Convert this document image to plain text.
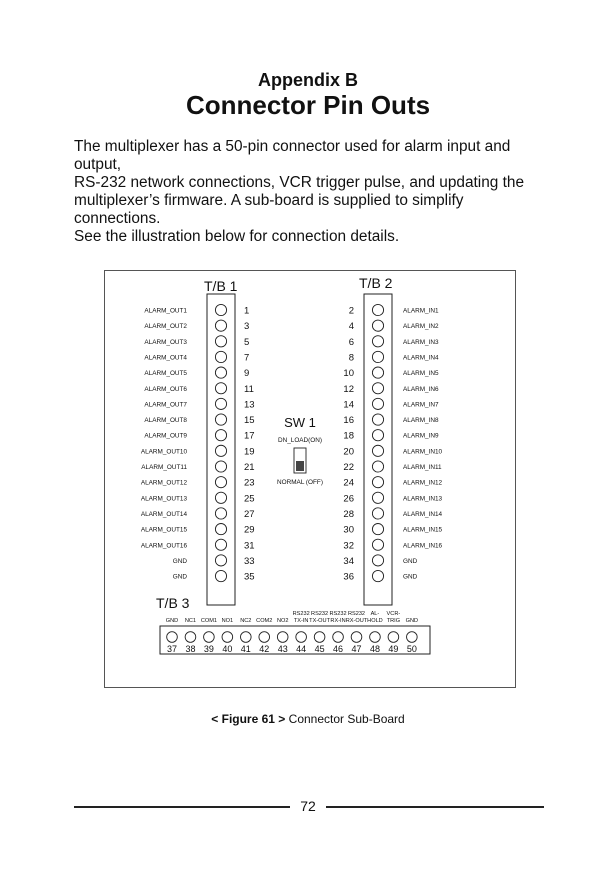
Appendix B
Connector Pin Outs

The multiplexer has a 50-pin connector used for alarm input and output,

RS-232 network connections, VCR trigger pulse, and updating the

multiplexer’s firmware. A sub-board is supplied to simplify connections.

See the illustration below for connection details.

T/B 1
ALARM_OUT1	1
ALARM_OUT2	3
ALARM_OUT3	5
ALARM_OUT4	7
ALARM_OUT5	9
ALARM_OUT6	11
ALARM_OUT7	13
ALARM_OUT8	15
ALARM_OUT9	17
ALARM_OUT10	19
ALARM_OUT11	21
ALARM_OUT12	23
ALARM_OUT13	25
ALARM_OUT14	27
ALARM_OUT15	29
ALARM_OUT16	31
GND	33
GND	35
T/B 2
2	ALARM_IN1
4	ALARM_IN2
6	ALARM_IN3
8	ALARM_IN4
10	ALARM_IN5
12	ALARM_IN6
14	ALARM_IN7
16	ALARM_IN8
18	ALARM_IN9
20	ALARM_IN10
22	ALARM_IN11
24	ALARM_IN12
26	ALARM_IN13
28	ALARM_IN14
30	ALARM_IN15
32	ALARM_IN16
34	GND
36	GND
SW 1
DN_LOAD(ON)
NORMAL (OFF)
T/B 3
GND
37
NC1
38
COM1
39
NO1
40
NC2
41
COM2
42
NO2
43
RS232
TX-IN
44
RS232
TX-OUT
45
RS232
RX-IN
46
RS232
RX-OUT
47
AL-
HOLD
48
VCR-
TRIG
49
GND
50
< Figure 61 > Connector Sub-Board
72
